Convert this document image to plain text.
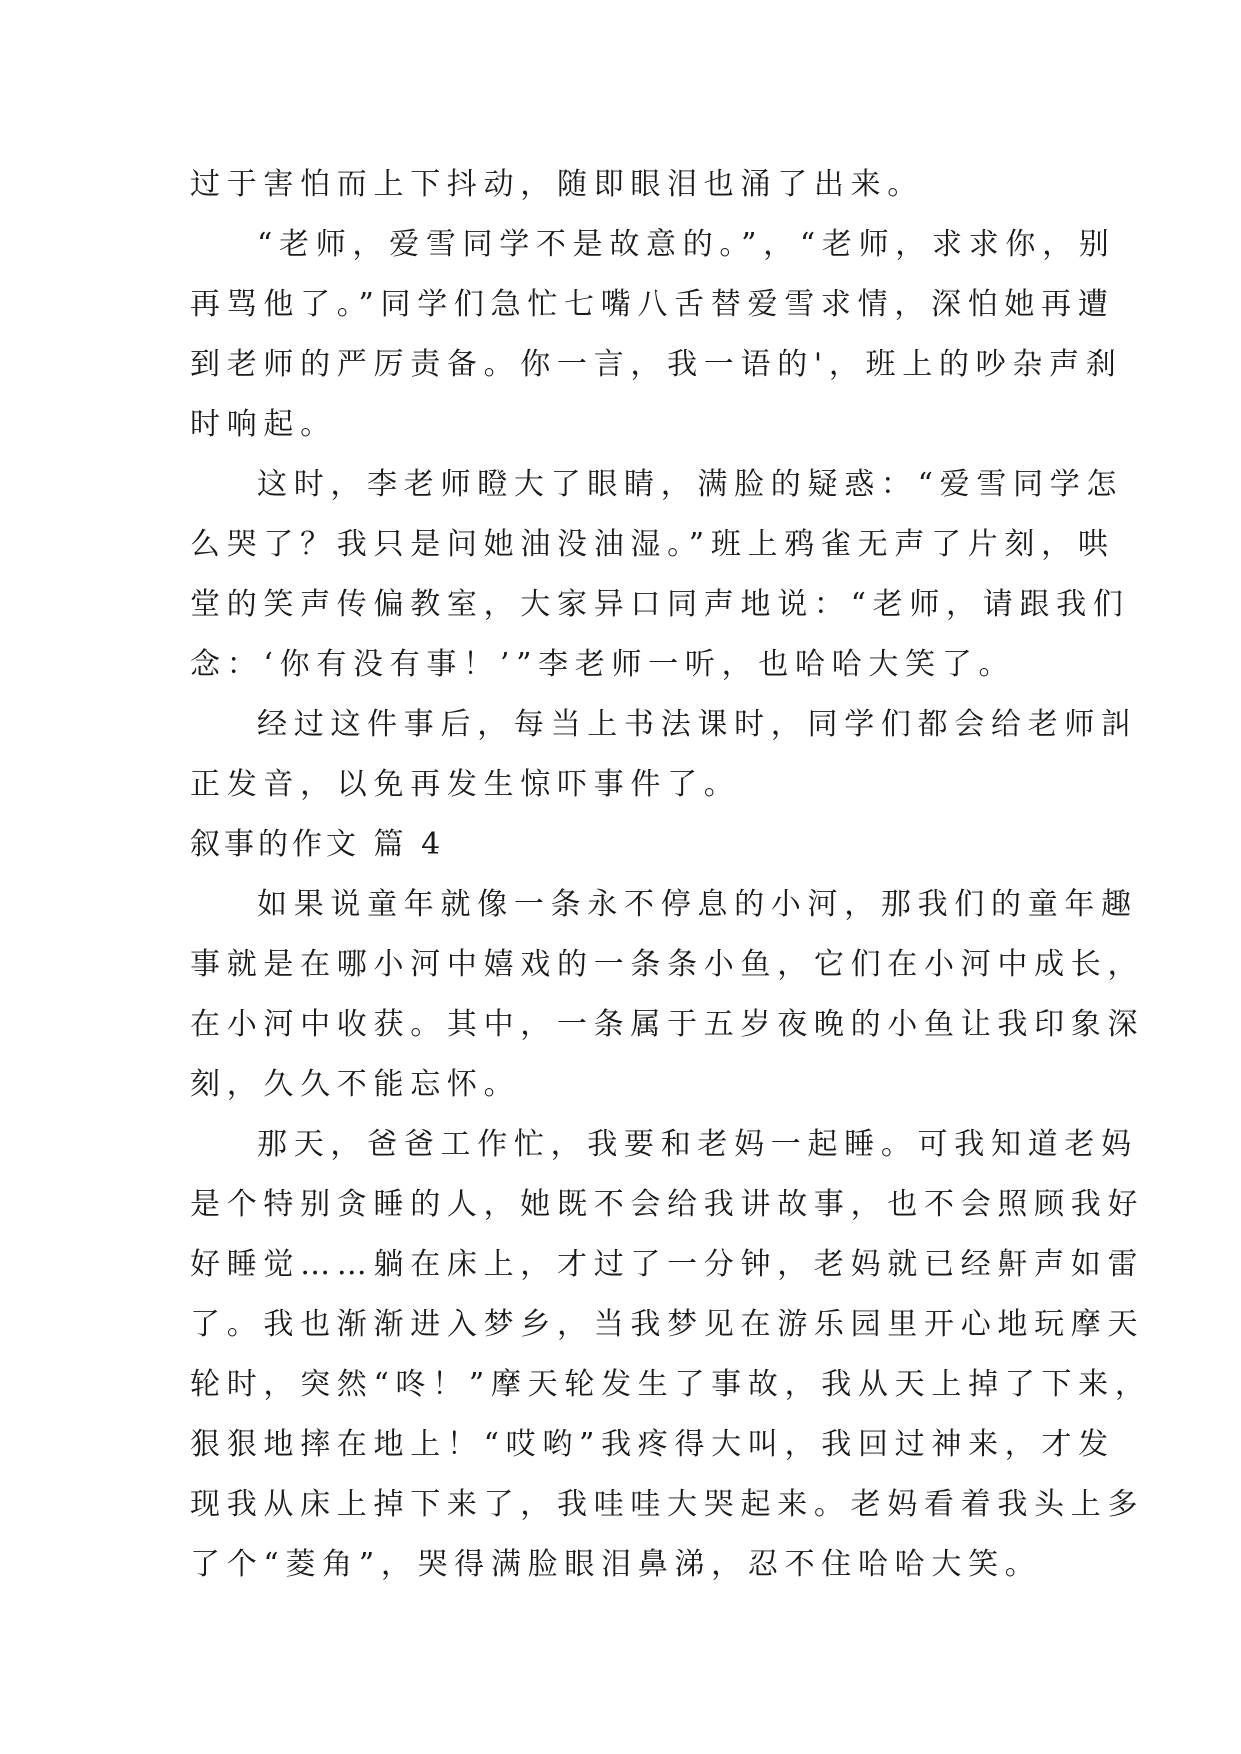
过于害怕而上下抖动，随即眼泪也涌了出来。
“老师，爱雪同学不是故意的。”，“老师，求求你，别
再骂他了。”同学们急忙七嘴八舌替爱雪求情，深怕她再遭
到老师的严厉责备。你一言，我一语的'，班上的吵杂声刹
时响起。
这时，李老师瞪大了眼睛，满脸的疑惑：“爱雪同学怎
么哭了？我只是问她油没油湿。”班上鸦雀无声了片刻，哄
堂的笑声传偏教室，大家异口同声地说：“老师，请跟我们
念：‘你有没有事！’”李老师一听，也哈哈大笑了。
经过这件事后，每当上书法课时，同学们都会给老师訆
正发音，以免再发生惊吓事件了。
叙事的作文 篇 4
如果说童年就像一条永不停息的小河，那我们的童年趣
事就是在哪小河中嬉戏的一条条小鱼，它们在小河中成长，
在小河中收获。其中，一条属于五岁夜晚的小鱼让我印象深
刻，久久不能忘怀。
那天，爸爸工作忙，我要和老妈一起睡。可我知道老妈
是个特别贪睡的人，她既不会给我讲故事，也不会照顾我好
好睡觉……躺在床上，才过了一分钟，老妈就已经鼾声如雷
了。我也渐渐进入梦乡，当我梦见在游乐园里开心地玩摩天
轮时，突然“咚！”摩天轮发生了事故，我从天上掉了下来，
狠狠地摔在地上！“哎哟”我疼得大叫，我回过神来，才发
现我从床上掉下来了，我哇哇大哭起来。老妈看着我头上多
了个“菱角”，哭得满脸眼泪鼻涕，忍不住哈哈大笑。
